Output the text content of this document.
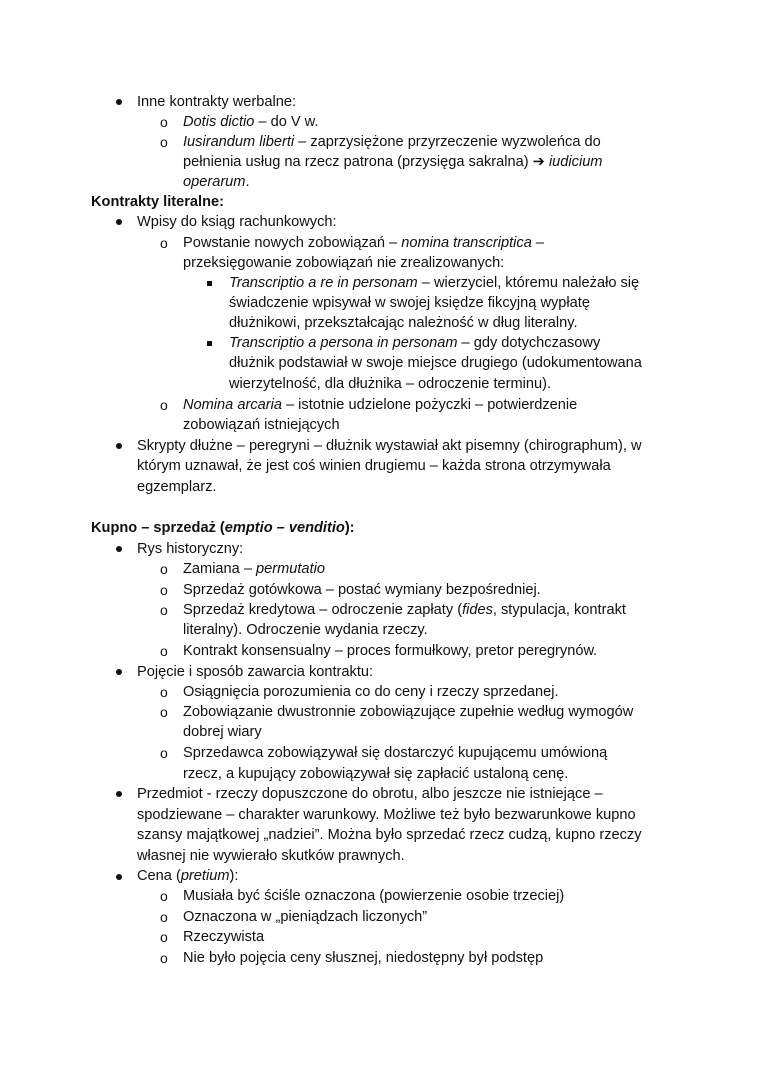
Inne kontrakty werbalne:
o Dotis dictio – do V w.
o Iusirandum liberti – zaprzysiężone przyrzeczenie wyzwoleńca do
pełnienia usług na rzecz patrona (przysięga sakralna) ➔ iudicium
operarum.
Kontrakty literalne:
Wpisy do ksiąg rachunkowych:
o Powstanie nowych zobowiązań – nomina transcriptica –
przeksięgowanie zobowiązań nie zrealizowanych:
Transcriptio a re in personam – wierzyciel, któremu należało się
świadczenie wpisywał w swojej księdze fikcyjną wypłatę
dłużnikowi, przekształcając należność w dług literalny.
Transcriptio a persona in personam – gdy dotychczasowy
dłużnik podstawiał w swoje miejsce drugiego (udokumentowana
wierzytelność, dla dłużnika – odroczenie terminu).
o Nomina arcaria – istotnie udzielone pożyczki – potwierdzenie
zobowiązań istniejących
Skrypty dłużne – peregryni – dłużnik wystawiał akt pisemny (chirographum), w
którym uznawał, że jest coś winien drugiemu – każda strona otrzymywała
egzemplarz.
Kupno – sprzedaż (emptio – venditio):
Rys historyczny:
o Zamiana – permutatio
o Sprzedaż gotówkowa – postać wymiany bezpośredniej.
o Sprzedaż kredytowa – odroczenie zapłaty (fides, stypulacja, kontrakt
literalny). Odroczenie wydania rzeczy.
o Kontrakt konsensualny – proces formułkowy, pretor peregrynów.
Pojęcie i sposób zawarcia kontraktu:
o Osiągnięcia porozumienia co do ceny i rzeczy sprzedanej.
o Zobowiązanie dwustronnie zobowiązujące zupełnie według wymogów
dobrej wiary
o Sprzedawca zobowiązywał się dostarczyć kupującemu umówioną
rzecz, a kupujący zobowiązywał się zapłacić ustaloną cenę.
Przedmiot - rzeczy dopuszczone do obrotu, albo jeszcze nie istniejące –
spodziewane – charakter warunkowy. Możliwe też było bezwarunkowe kupno
szansy majątkowej „nadziei”. Można było sprzedać rzecz cudzą, kupno rzeczy
własnej nie wywierało skutków prawnych.
Cena (pretium):
o Musiała być ściśle oznaczona (powierzenie osobie trzeciej)
o Oznaczona w „pieniądzach liczonych”
o Rzeczywista
o Nie było pojęcia ceny słusznej, niedostępny był podstęp
